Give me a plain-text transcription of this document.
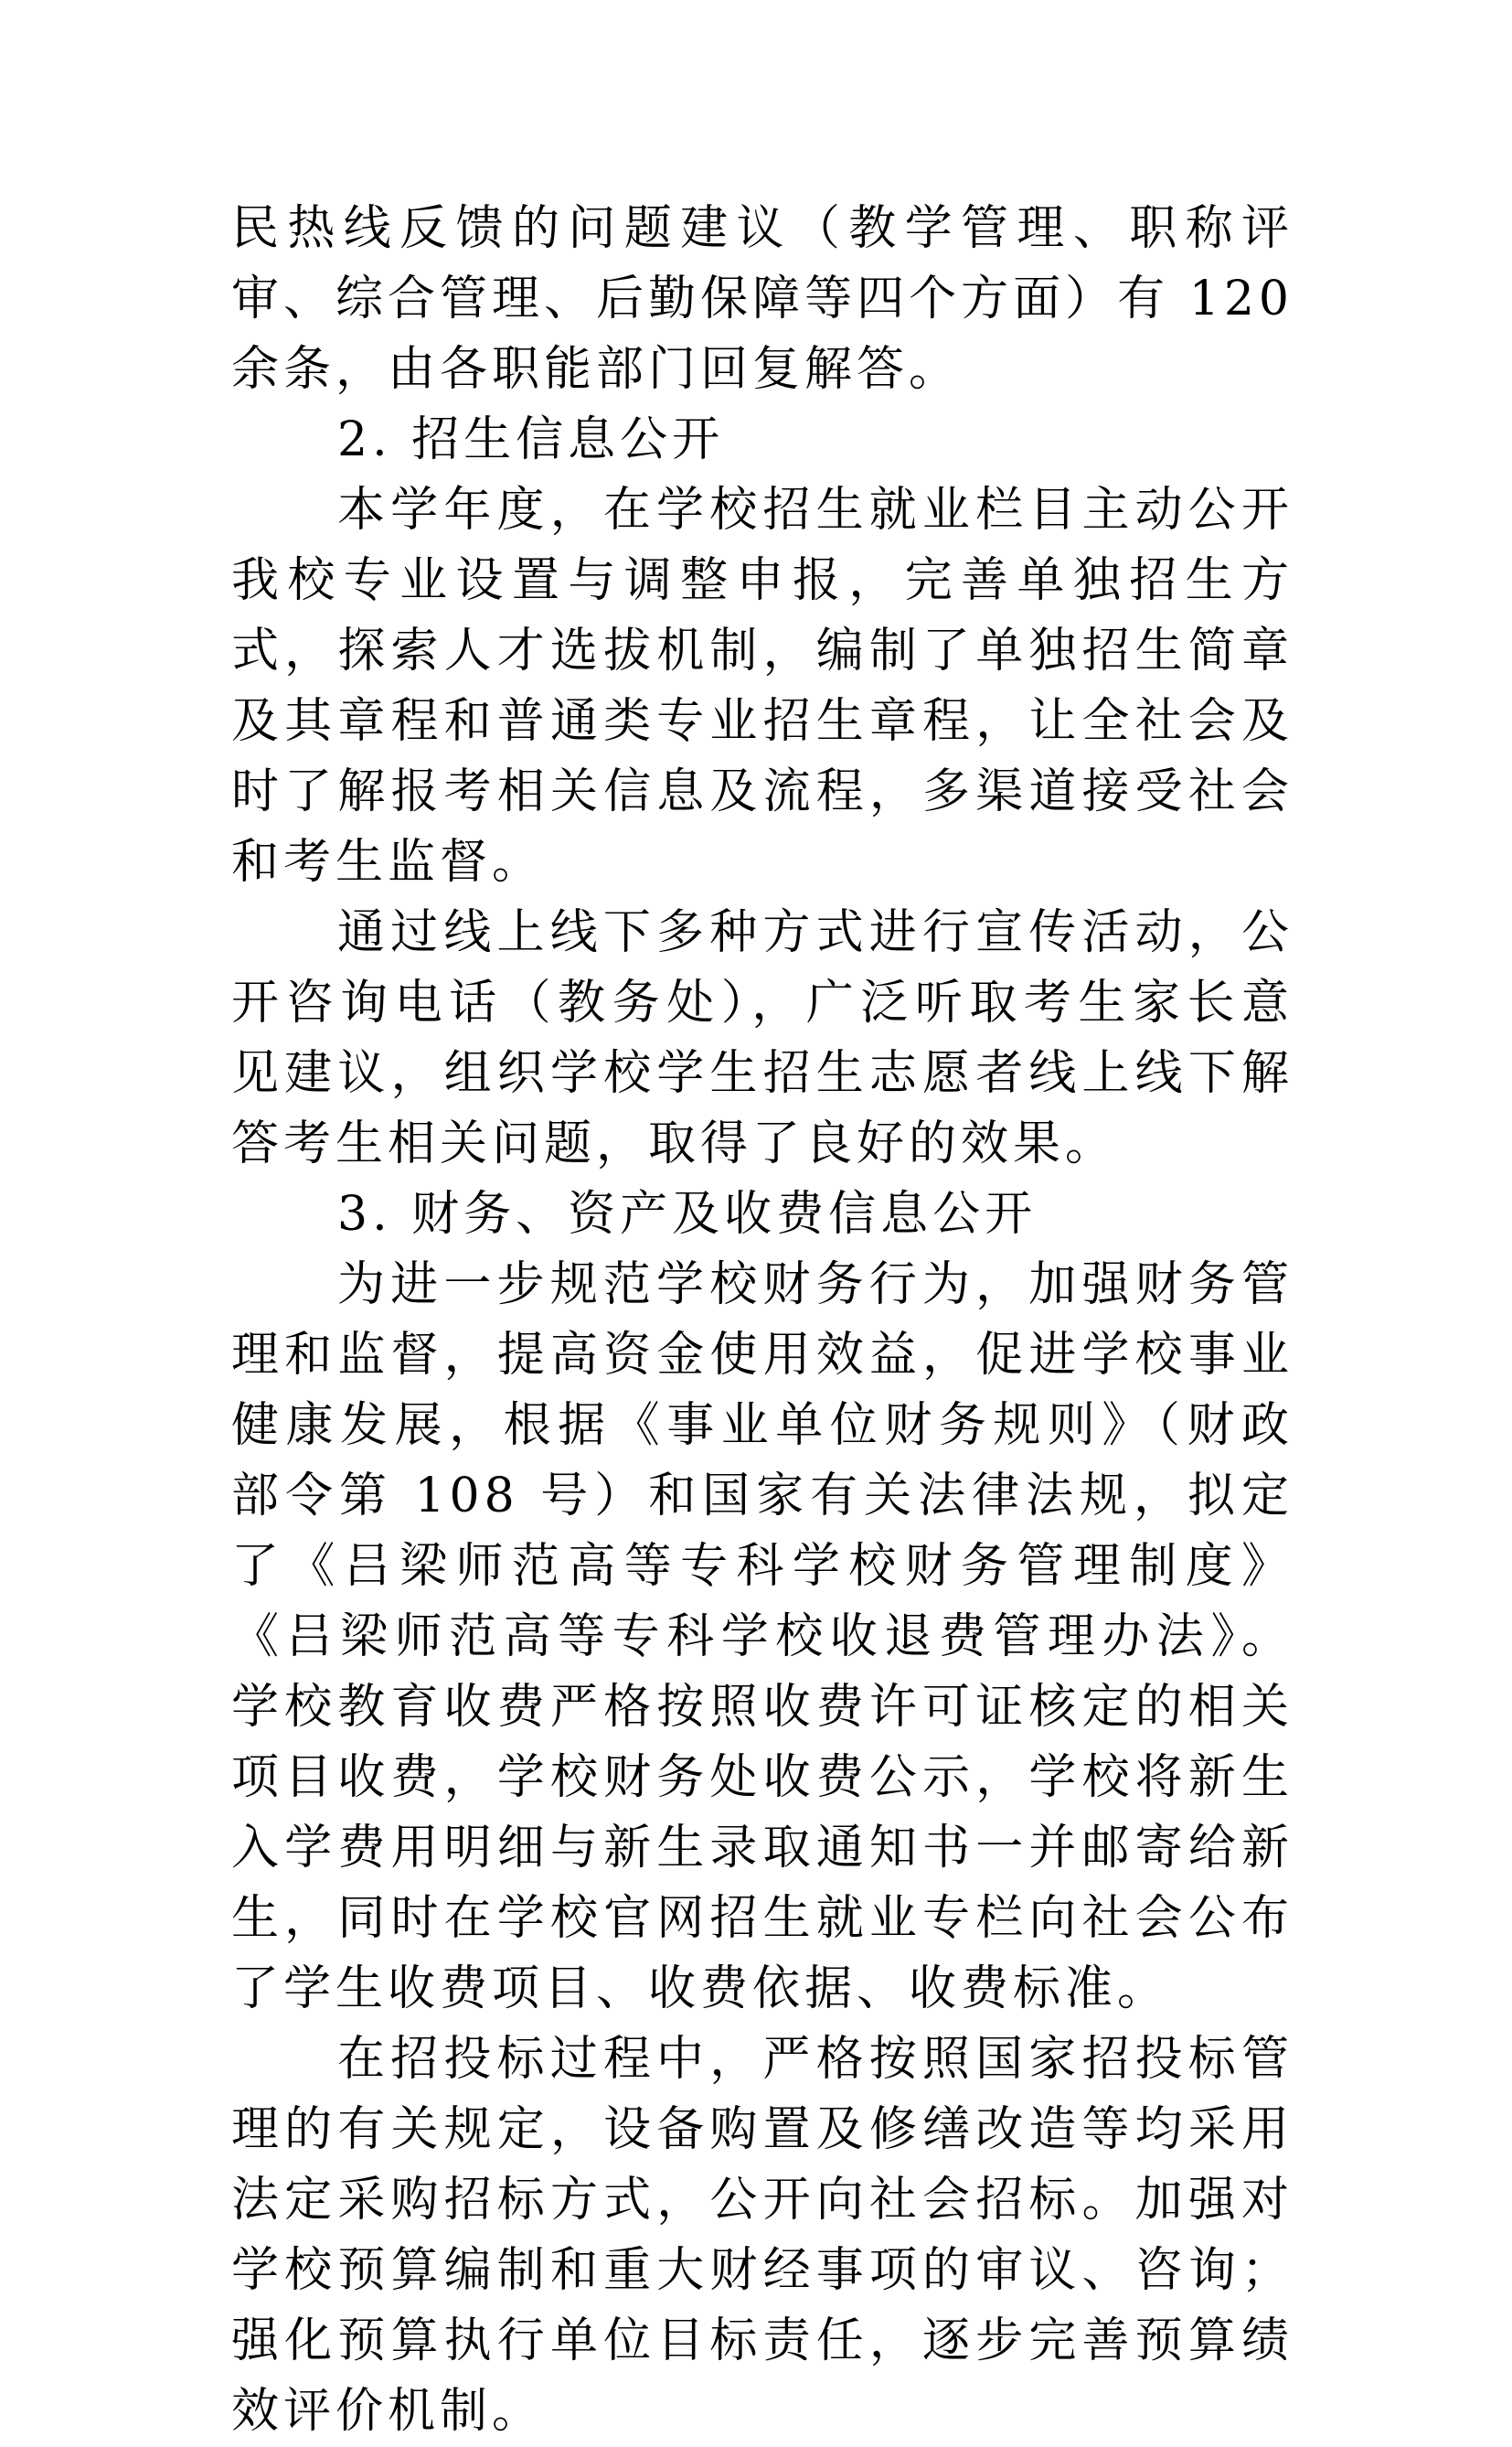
民热线反馈的问题建议（教学管理、职称评审、综合管理、后勤保障等四个方面）有 120 余条，由各职能部门回复解答。

2. 招生信息公开

本学年度，在学校招生就业栏目主动公开我校专业设置与调整申报，完善单独招生方式，探索人才选拔机制，编制了单独招生简章及其章程和普通类专业招生章程，让全社会及时了解报考相关信息及流程，多渠道接受社会和考生监督。

通过线上线下多种方式进行宣传活动，公开咨询电话（教务处），广泛听取考生家长意见建议，组织学校学生招生志愿者线上线下解答考生相关问题，取得了良好的效果。

3. 财务、资产及收费信息公开

为进一步规范学校财务行为，加强财务管理和监督，提高资金使用效益，促进学校事业健康发展，根据《事业单位财务规则》（财政部令第 108 号）和国家有关法律法规，拟定了《吕梁师范高等专科学校财务管理制度》《吕梁师范高等专科学校收退费管理办法》。学校教育收费严格按照收费许可证核定的相关项目收费，学校财务处收费公示，学校将新生入学费用明细与新生录取通知书一并邮寄给新生，同时在学校官网招生就业专栏向社会公布了学生收费项目、收费依据、收费标准。

在招投标过程中，严格按照国家招投标管理的有关规定，设备购置及修缮改造等均采用法定采购招标方式，公开向社会招标。加强对学校预算编制和重大财经事项的审议、咨询；强化预算执行单位目标责任，逐步完善预算绩效评价机制。
